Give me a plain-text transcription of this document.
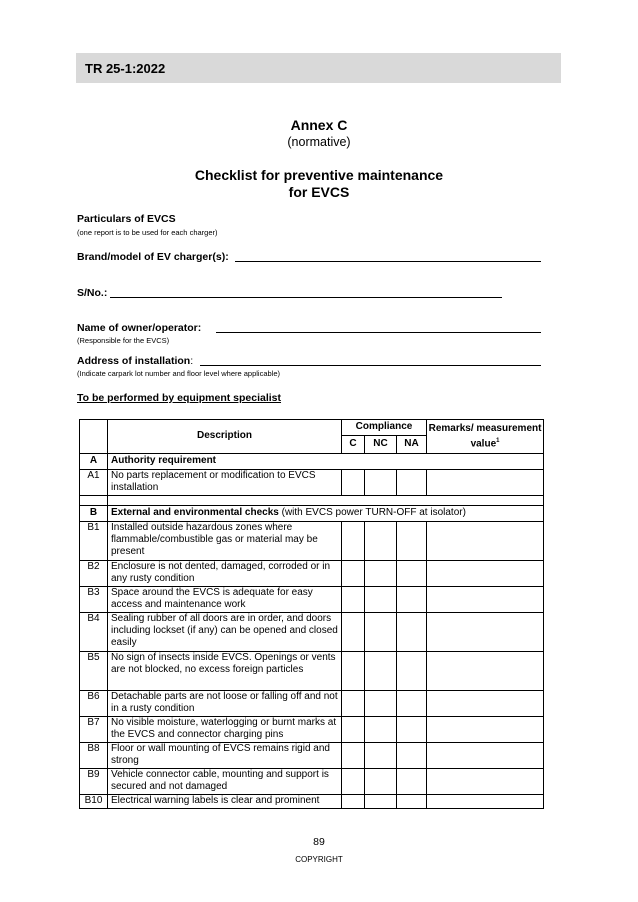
TR 25-1:2022
Annex C
(normative)
Checklist for preventive maintenance
for EVCS
Particulars of EVCS
(one report is to be used for each charger)
Brand/model of EV charger(s):
S/No.:
Name of owner/operator:
(Responsible for the EVCS)
Address of installation:
(Indicate carpark lot number and floor level where applicable)
To be performed by equipment specialist
	Description	Compliance			Remarks/ measurement value$^1$
		C	NC	NA	
A	Authority requirement				
A1	No parts replacement or modification to EVCS installation				

B	External and environmental checks (with EVCS power TURN-OFF at isolator)				
B1	Installed outside hazardous zones where flammable/combustible gas or material may be present				
B2	Enclosure is not dented, damaged, corroded or in any rusty condition				
B3	Space around the EVCS is adequate for easy access and maintenance work				
B4	Sealing rubber of all doors are in order, and doors including lockset (if any) can be opened and closed easily				
B5	No sign of insects inside EVCS. Openings or vents are not blocked, no excess foreign particles				
B6	Detachable parts are not loose or falling off and not in a rusty condition				
B7	No visible moisture, waterlogging or burnt marks at the EVCS and connector charging pins				
B8	Floor or wall mounting of EVCS remains rigid and strong				
B9	Vehicle connector cable, mounting and support is secured and not damaged				
B10	Electrical warning labels is clear and prominent				
89
COPYRIGHT
